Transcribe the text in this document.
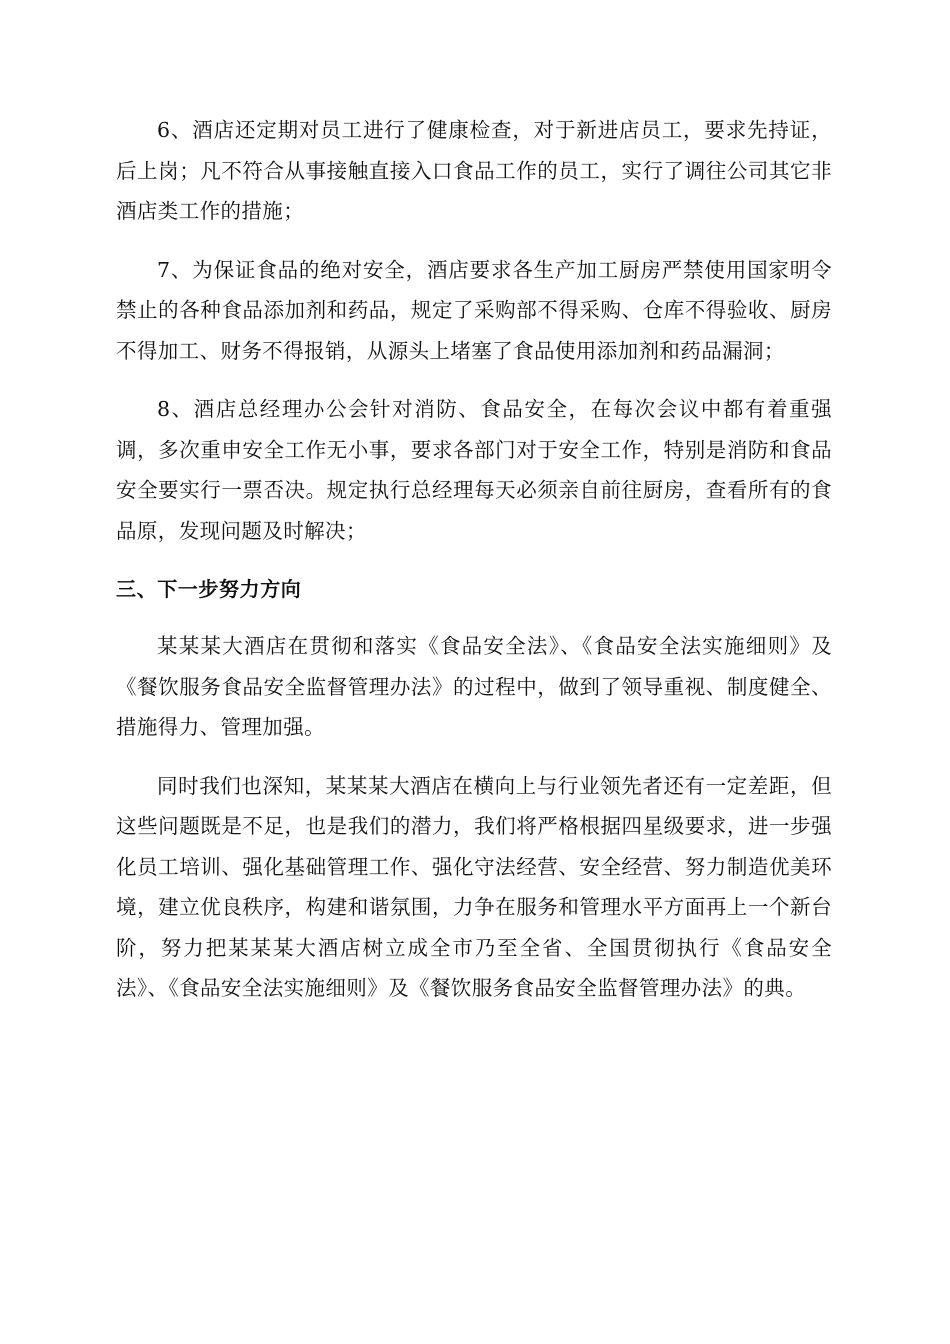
6、酒店还定期对员工进行了健康检查，对于新进店员工，要求先持证，后上岗；凡不符合从事接触直接入口食品工作的员工，实行了调往公司其它非酒店类工作的措施；

7、为保证食品的绝对安全，酒店要求各生产加工厨房严禁使用国家明令禁止的各种食品添加剂和药品，规定了采购部不得采购、仓库不得验收、厨房不得加工、财务不得报销，从源头上堵塞了食品使用添加剂和药品漏洞；

8、酒店总经理办公会针对消防、食品安全，在每次会议中都有着重强调，多次重申安全工作无小事，要求各部门对于安全工作，特别是消防和食品安全要实行一票否决。规定执行总经理每天必须亲自前往厨房，查看所有的食品原，发现问题及时解决；

三、下一步努力方向

某某某大酒店在贯彻和落实《食品安全法》、《食品安全法实施细则》及《餐饮服务食品安全监督管理办法》的过程中，做到了领导重视、制度健全、措施得力、管理加强。

同时我们也深知，某某某大酒店在横向上与行业领先者还有一定差距，但这些问题既是不足，也是我们的潜力，我们将严格根据四星级要求，进一步强化员工培训、强化基础管理工作、强化守法经营、安全经营、努力制造优美环境，建立优良秩序，构建和谐氛围，力争在服务和管理水平方面再上一个新台阶，努力把某某某大酒店树立成全市乃至全省、全国贯彻执行《食品安全法》、《食品安全法实施细则》及《餐饮服务食品安全监督管理办法》的典。
